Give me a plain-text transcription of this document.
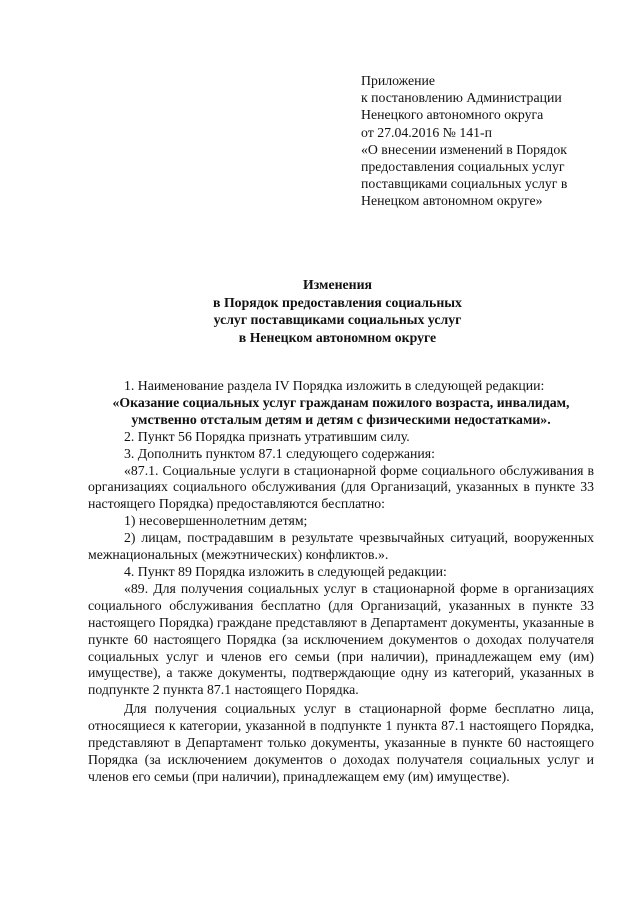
Приложение
к постановлению Администрации
Ненецкого автономного округа
от 27.04.2016 № 141-п
«О внесении изменений в Порядок
предоставления социальных услуг
поставщиками социальных услуг в
Ненецком автономном округе»
Изменения
в Порядок предоставления социальных
услуг поставщиками социальных услуг
в Ненецком автономном округе

1. Наименование раздела IV Порядка изложить в следующей редакции:

«Оказание социальных услуг гражданам пожилого возраста, инвалидам, умственно отсталым детям и детям с физическими недостатками».

2. Пункт 56 Порядка признать утратившим силу.

3. Дополнить пунктом 87.1 следующего содержания:

«87.1. Социальные услуги в стационарной форме социального обслуживания в организациях социального обслуживания (для Организаций, указанных в пункте 33 настоящего Порядка) предоставляются бесплатно:

1) несовершеннолетним детям;

2) лицам, пострадавшим в результате чрезвычайных ситуаций, вооруженных межнациональных (межэтнических) конфликтов.».

4. Пункт 89 Порядка изложить в следующей редакции:

«89. Для получения социальных услуг в стационарной форме в организациях социального обслуживания бесплатно (для Организаций, указанных в пункте 33 настоящего Порядка) граждане представляют в Департамент документы, указанные в пункте 60 настоящего Порядка (за исключением документов о доходах получателя социальных услуг и членов его семьи (при наличии), принадлежащем ему (им) имуществе), а также документы, подтверждающие одну из категорий, указанных в подпункте 2 пункта 87.1 настоящего Порядка.

Для получения социальных услуг в стационарной форме бесплатно лица, относящиеся к категории, указанной в подпункте 1 пункта 87.1 настоящего Порядка, представляют в Департамент только документы, указанные в пункте 60 настоящего Порядка (за исключением документов о доходах получателя социальных услуг и членов его семьи (при наличии), принадлежащем ему (им) имуществе).
